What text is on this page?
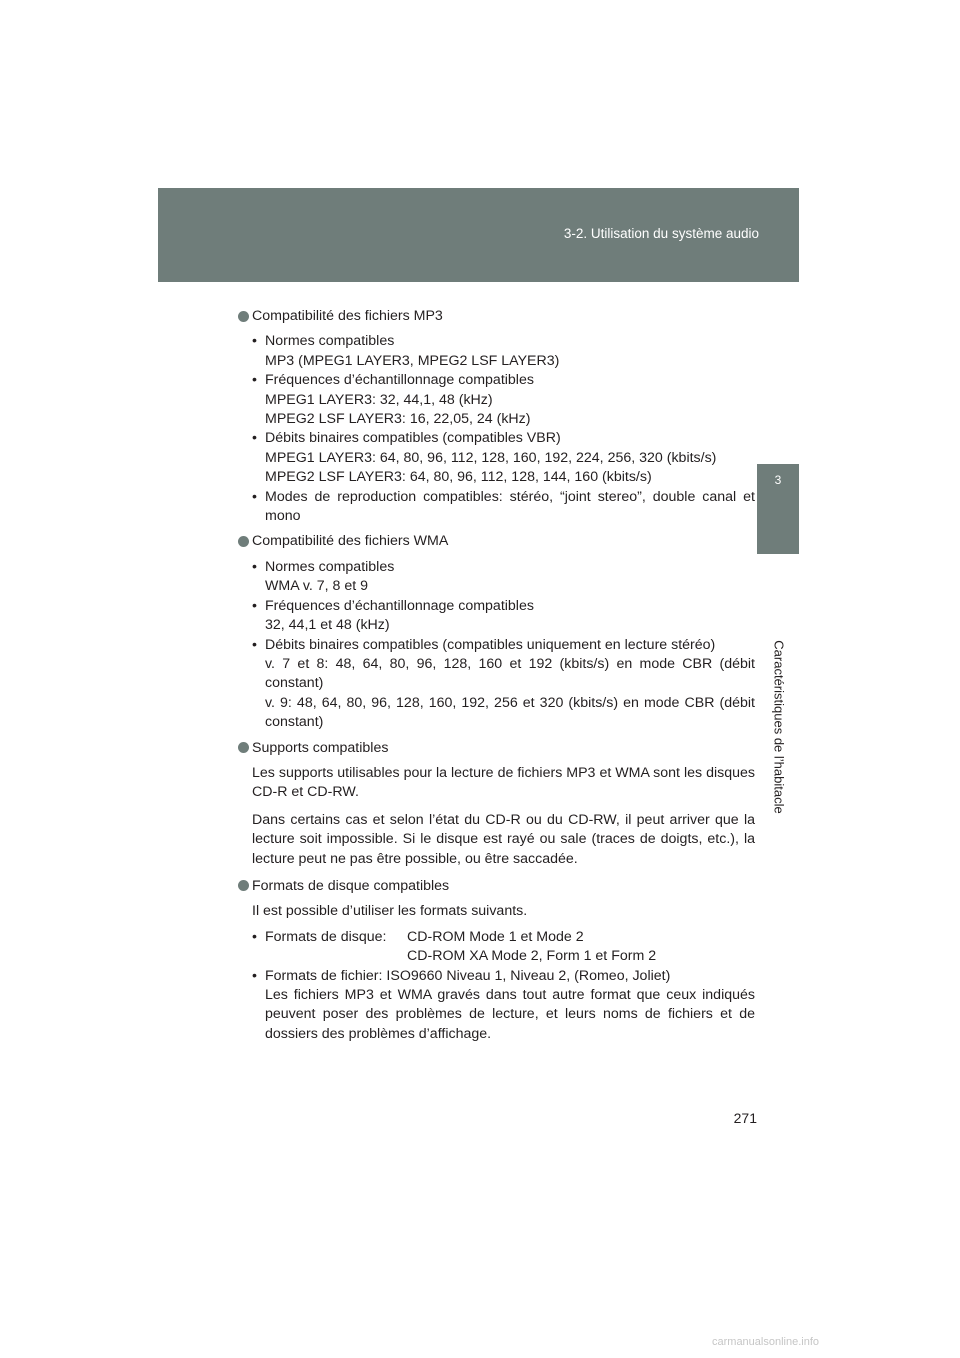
3-2. Utilisation du système audio
3
Caractéristiques de l’habitacle
Compatibilité des fichiers MP3
• Normes compatibles
MP3 (MPEG1 LAYER3, MPEG2 LSF LAYER3)
• Fréquences d’échantillonnage compatibles
MPEG1 LAYER3: 32, 44,1, 48 (kHz)
MPEG2 LSF LAYER3: 16, 22,05, 24 (kHz)
• Débits binaires compatibles (compatibles VBR)
MPEG1 LAYER3: 64, 80, 96, 112, 128, 160, 192, 224, 256, 320 (kbits/s)
MPEG2 LSF LAYER3: 64, 80, 96, 112, 128, 144, 160 (kbits/s)
• Modes de reproduction compatibles: stéréo, “joint stereo”, double canal et mono
Compatibilité des fichiers WMA
• Normes compatibles
WMA v. 7, 8 et 9
• Fréquences d’échantillonnage compatibles
32, 44,1 et 48 (kHz)
• Débits binaires compatibles (compatibles uniquement en lecture stéréo)
v. 7 et 8: 48, 64, 80, 96, 128, 160 et 192 (kbits/s) en mode CBR (débit constant)
v. 9: 48, 64, 80, 96, 128, 160, 192, 256 et 320 (kbits/s) en mode CBR (débit constant)
Supports compatibles
Les supports utilisables pour la lecture de fichiers MP3 et WMA sont les disques CD-R et CD-RW.
Dans certains cas et selon l’état du CD-R ou du CD-RW, il peut arriver que la lecture soit impossible. Si le disque est rayé ou sale (traces de doigts, etc.), la lecture peut ne pas être possible, ou être saccadée.
Formats de disque compatibles
Il est possible d’utiliser les formats suivants.
• Formats de disque:	CD-ROM Mode 1 et Mode 2
CD-ROM XA Mode 2, Form 1 et Form 2
• Formats de fichier: ISO9660 Niveau 1, Niveau 2, (Romeo, Joliet)
Les fichiers MP3 et WMA gravés dans tout autre format que ceux indiqués peuvent poser des problèmes de lecture, et leurs noms de fichiers et de dossiers des problèmes d’affichage.
271
carmanualsonline.info
